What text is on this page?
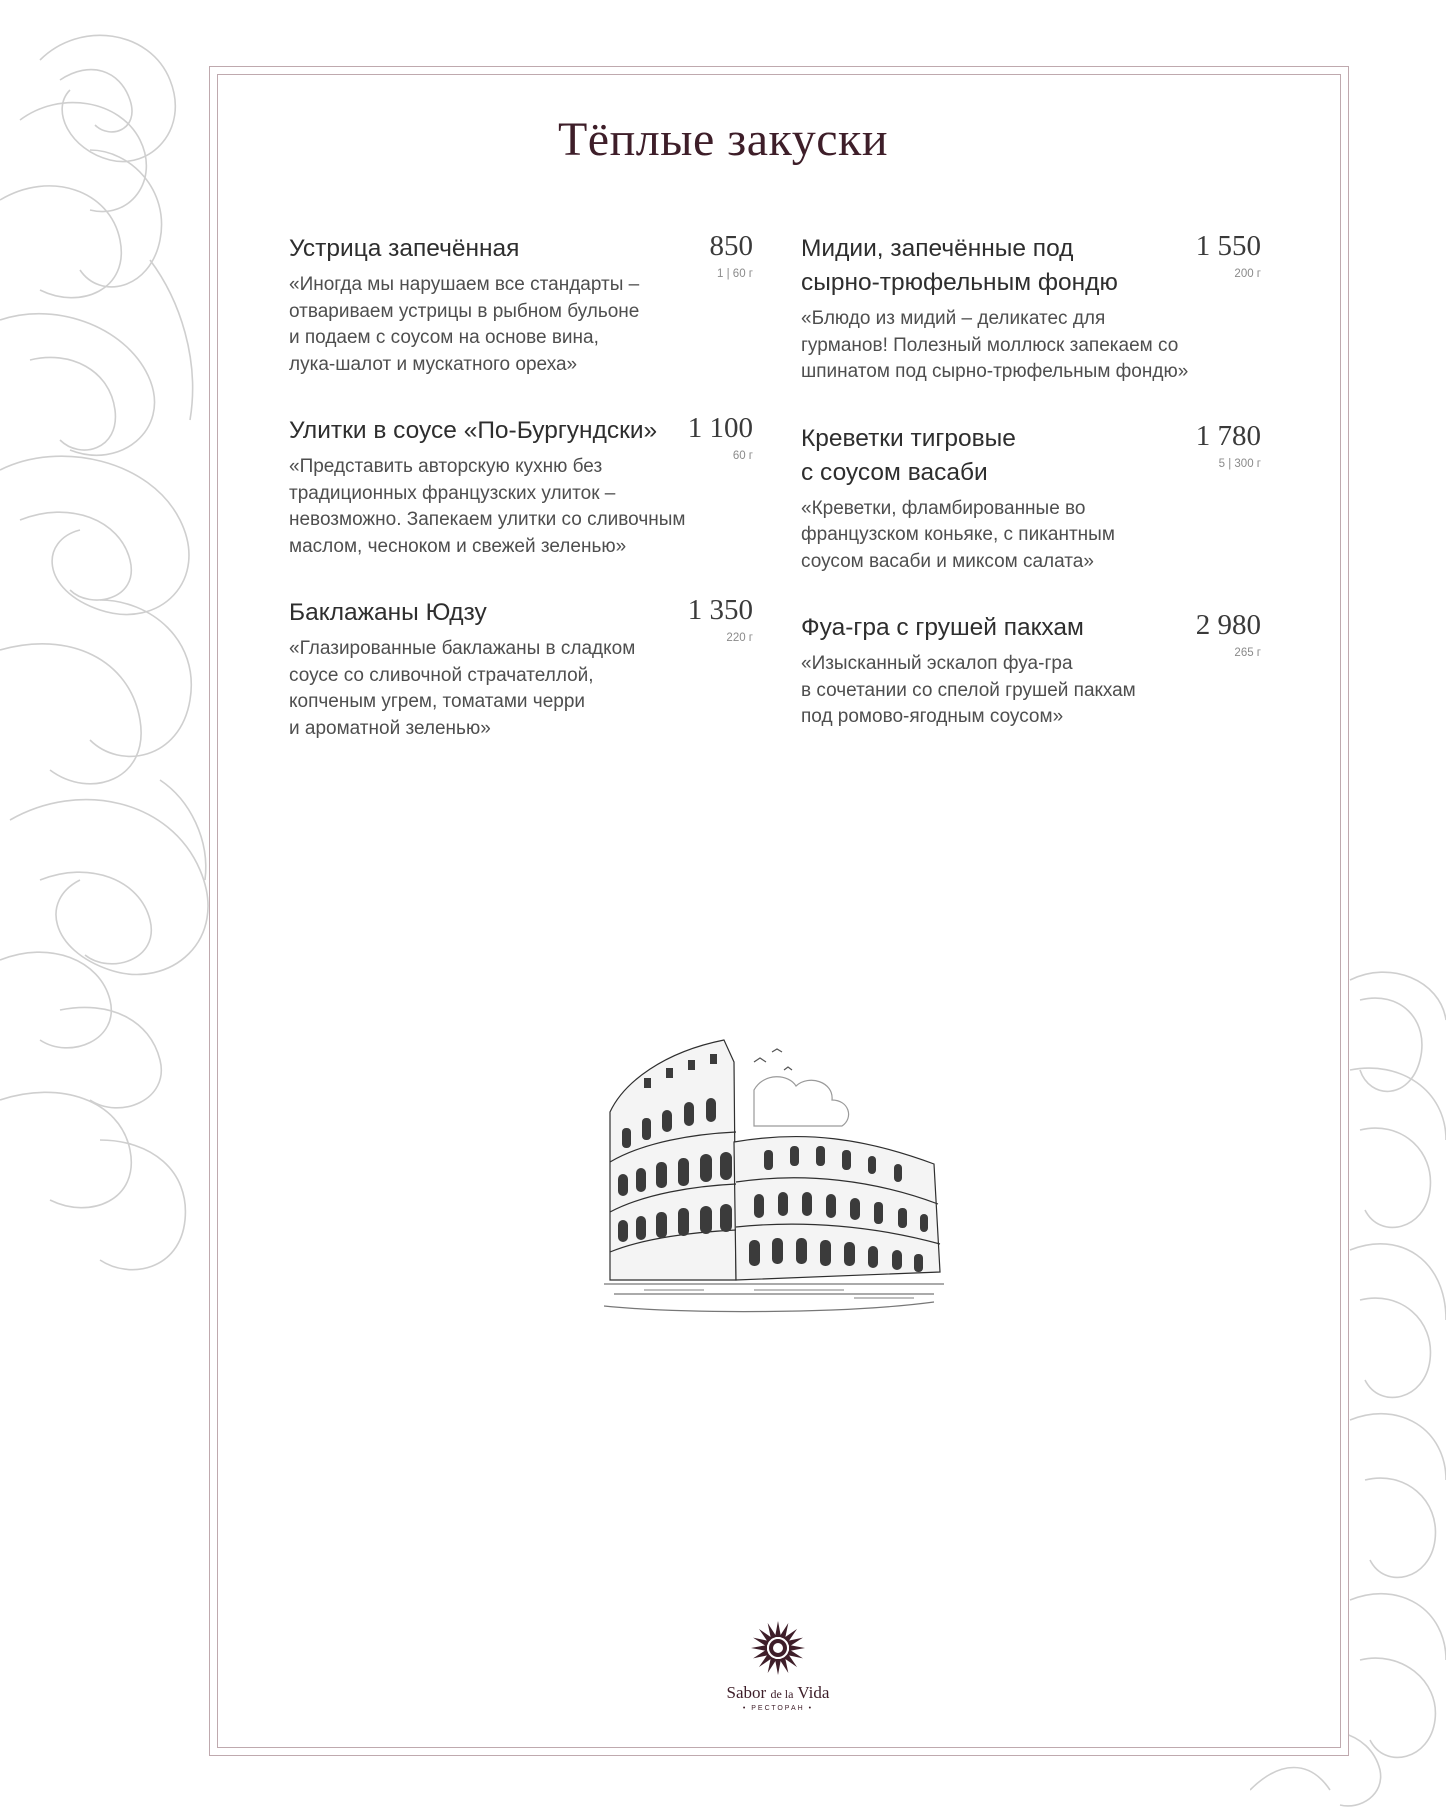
Тёплые закуски
Устрица запечённая	850
1 | 60 г
«Иногда мы нарушаем все стандарты –
отвариваем устрицы в рыбном бульоне
и подаем с соусом на основе вина,
лука-шалот и мускатного ореха»
Улитки в соусе «По-Бургундски»	1 100
60 г
«Представить авторскую кухню без
традиционных французских улиток –
невозможно. Запекаем улитки со сливочным
маслом, чесноком и свежей зеленью»
Баклажаны Юдзу	1 350
220 г
«Глазированные баклажаны в сладком
соусе со сливочной страчателлой,
копченым угрем, томатами черри
и ароматной зеленью»
Мидии, запечённые под
сырно-трюфельным фондю
1 550
200 г
«Блюдо из мидий – деликатес для
гурманов! Полезный моллюск запекаем со
шпинатом под сырно-трюфельным фондю»
Креветки тигровые
с соусом васаби
1 780
5 | 300 г
«Креветки, фламбированные во
французском коньяке, с пикантным
соусом васаби и миксом салата»
Фуа-гра с грушей пакхам	2 980
265 г
«Изысканный эскалоп фуа-гра
в сочетании со спелой грушей пакхам
под ромово-ягодным соусом»
Sabor de la Vida
• РЕСТОРАН •
